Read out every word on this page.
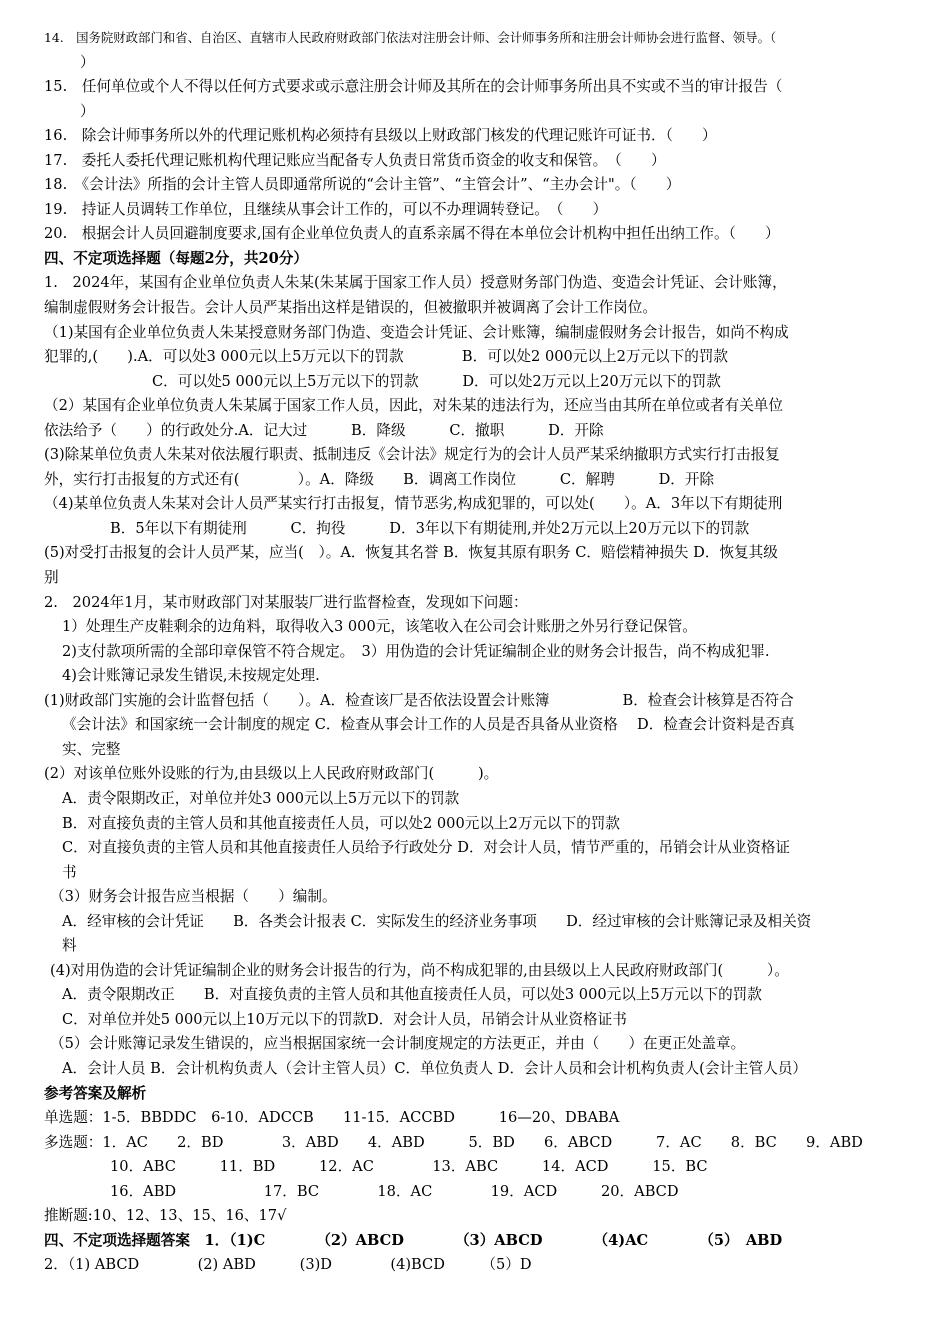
14.　国务院财政部门和省、自治区、直辖市人民政府财政部门依法对注册会计师、会计师事务所和注册会计师协会进行监督、领导。（
）
15.　任何单位或个人不得以任何方式要求或示意注册会计师及其所在的会计师事务所出具不实或不当的审计报告（
）
16.　除会计师事务所以外的代理记账机构必须持有县级以上财政部门核发的代理记账许可证书．（　　）
17.　委托人委托代理记账机构代理记账应当配备专人负责日常货币资金的收支和保管。　（　　）
18.　《会计法》所指的会计主管人员即通常所说的“会计主管”、“主管会计”、“主办会计"。（　　）
19.　持证人员调转工作单位，且继续从事会计工作的，可以不办理调转登记。　（　　）
20.　根据会计人员回避制度要求,国有企业单位负责人的直系亲属不得在本单位会计机构中担任出纳工作。（　　）
四、不定项选择题（每题2分，共20分）
1.　2024年，某国有企业单位负责人朱某(朱某属于国家工作人员）授意财务部门伪造、变造会计凭证、会计账簿，
编制虚假财务会计报告。会计人员严某指出这样是错误的，但被撤职并被调离了会计工作岗位。
（1)某国有企业单位负责人朱某授意财务部门伪造、变造会计凭证、会计账簿，编制虚假财务会计报告，如尚不构成
犯罪的,(　　).A．可以处3 000元以上5万元以下的罚款　　　　B．可以处2 000元以上2万元以下的罚款
C．可以处5 000元以上5万元以下的罚款　　　D．可以处2万元以上20万元以下的罚款
（2）某国有企业单位负责人朱某属于国家工作人员，因此，对朱某的违法行为，还应当由其所在单位或者有关单位
依法给予（　　）的行政处分.A．记大过　　　B．降级　　　C．撤职　　　D．开除
(3)除某单位负责人朱某对依法履行职责、抵制违反《会计法》规定行为的会计人员严某采纳撤职方式实行打击报复
外，实行打击报复的方式还有(　　　　）。A．降级　　B．调离工作岗位　　　C．解聘　　　D．开除
（4)某单位负责人朱某对会计人员严某实行打击报复，情节恶劣,构成犯罪的，可以处(　　）。A．3年以下有期徒刑
B．5年以下有期徒刑　　　C．拘役　　　D．3年以下有期徒刑,并处2万元以上20万元以下的罚款
(5)对受打击报复的会计人员严某，应当(　）。A．恢复其名誉 B．恢复其原有职务 C．赔偿精神损失 D．恢复其级
别
2.　2024年1月，某市财政部门对某服装厂进行监督检查，发现如下问题：
1）处理生产皮鞋剩余的边角料，取得收入3 000元，该笔收入在公司会计账册之外另行登记保管。
2)支付款项所需的全部印章保管不符合规定。　3）用伪造的会计凭证编制企业的财务会计报告，尚不构成犯罪.
4)会计账簿记录发生错误,未按规定处理.
(1)财政部门实施的会计监督包括（　　）。A．检查该厂是否依法设置会计账簿　　　　　B．检查会计核算是否符合
《会计法》和国家统一会计制度的规定 C．检查从事会计工作的人员是否具备从业资格　 D．检查会计资料是否真
实、完整
(2）对该单位账外设账的行为,由县级以上人民政府财政部门(　　　)。
A．责令限期改正，对单位并处3 000元以上5万元以下的罚款
B．对直接负责的主管人员和其他直接责任人员，可以处2 000元以上2万元以下的罚款
C．对直接负责的主管人员和其他直接责任人员给予行政处分 D．对会计人员，情节严重的，吊销会计从业资格证
书
（3）财务会计报告应当根据（　　）编制。
A．经审核的会计凭证　　B．各类会计报表 C．实际发生的经济业务事项　　D．经过审核的会计账簿记录及相关资
料
(4)对用伪造的会计凭证编制企业的财务会计报告的行为，尚不构成犯罪的,由县级以上人民政府财政部门(　　　）。
A．责令限期改正　　B．对直接负责的主管人员和其他直接责任人员，可以处3 000元以上5万元以下的罚款
C．对单位并处5 000元以上10万元以下的罚款D．对会计人员，吊销会计从业资格证书
（5）会计账簿记录发生错误的，应当根据国家统一会计制度规定的方法更正，并由（　　）在更正处盖章。
A．会计人员 B．会计机构负责人（会计主管人员）C．单位负责人 D．会计人员和会计机构负责人(会计主管人员）
参考答案及解析
单选题：1-5．BBDDC　6-10．ADCCB　　11-15．ACCBD　　　16—20、DBABA
多选题：1．AC　　2．BD　　　　3．ABD　　4．ABD　　　5．BD　　6．ABCD　　　7．AC　　8．BC　　9．ABD
10．ABC　　　11．BD　　　12．AC　　　　13．ABC　　　14．ACD　　　15．BC
16．ABD　　　　　　17．BC　　　　18．AC　　　　19．ACD　　　20．ABCD
推断题:10、12、13、15、16、17√
四、不定项选择题答案　1．（1)C　　　　（2）ABCD　　　　（3）ABCD　　　　（4)AC　　　　（5）　ABD
2．（1) ABCD　　　　(2) ABD　　　(3)D　　　　(4)BCD　　　（5）D
